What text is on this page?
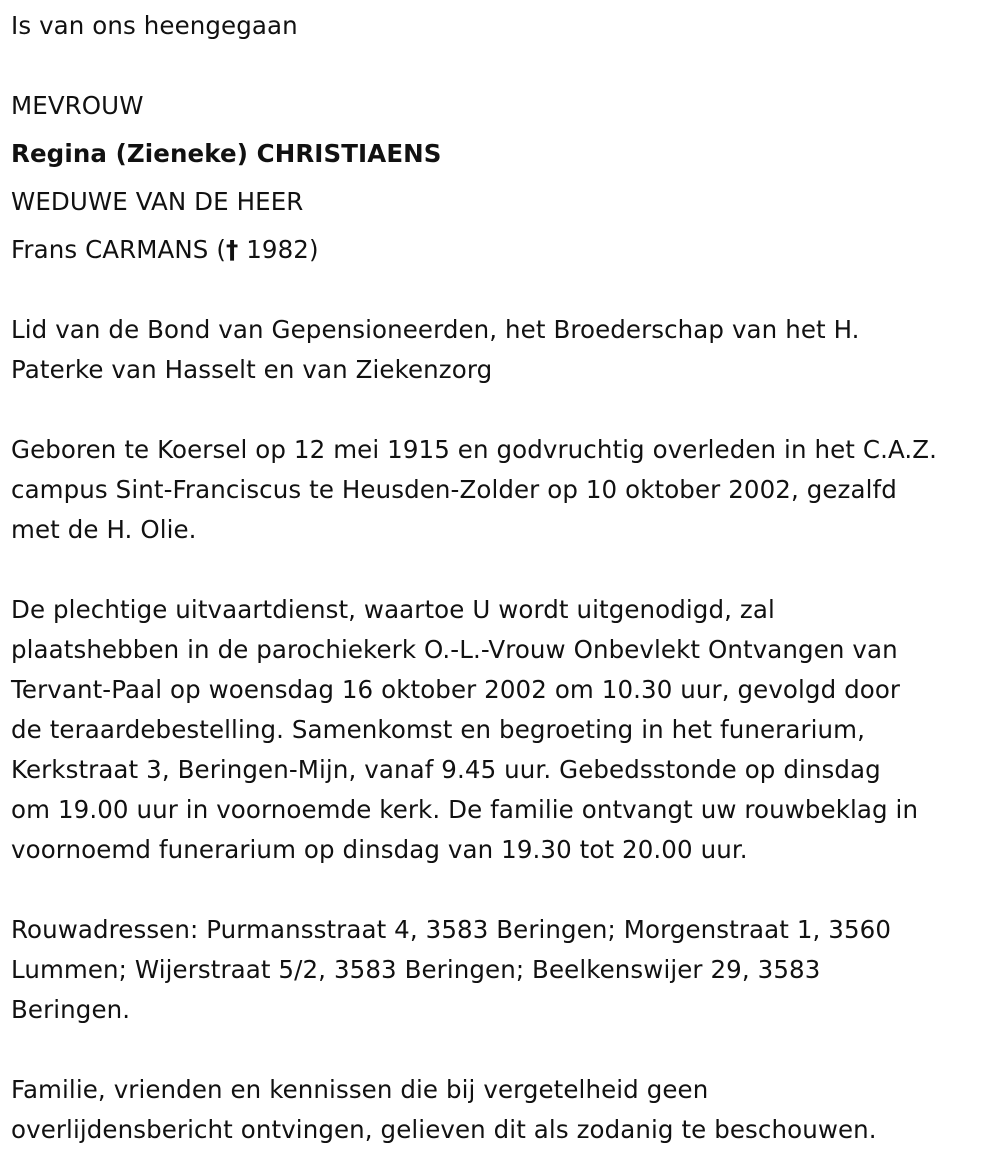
Is van ons heengegaan
MEVROUW
Regina (Zieneke) CHRISTIAENS
WEDUWE VAN DE HEER
Frans CARMANS († 1982)
Lid van de Bond van Gepensioneerden, het Broederschap van het H.
Paterke van Hasselt en van Ziekenzorg
Geboren te Koersel op 12 mei 1915 en godvruchtig overleden in het C.A.Z.
campus Sint-Franciscus te Heusden-Zolder op 10 oktober 2002, gezalfd
met de H. Olie.
De plechtige uitvaartdienst, waartoe U wordt uitgenodigd, zal
plaatshebben in de parochiekerk O.-L.-Vrouw Onbevlekt Ontvangen van
Tervant-Paal op woensdag 16 oktober 2002 om 10.30 uur, gevolgd door
de teraardebestelling. Samenkomst en begroeting in het funerarium,
Kerkstraat 3, Beringen-Mijn, vanaf 9.45 uur. Gebedsstonde op dinsdag
om 19.00 uur in voornoemde kerk. De familie ontvangt uw rouwbeklag in
voornoemd funerarium op dinsdag van 19.30 tot 20.00 uur.
Rouwadressen: Purmansstraat 4, 3583 Beringen; Morgenstraat 1, 3560
Lummen; Wijerstraat 5/2, 3583 Beringen; Beelkenswijer 29, 3583
Beringen.
Familie, vrienden en kennissen die bij vergetelheid geen
overlijdensbericht ontvingen, gelieven dit als zodanig te beschouwen.
